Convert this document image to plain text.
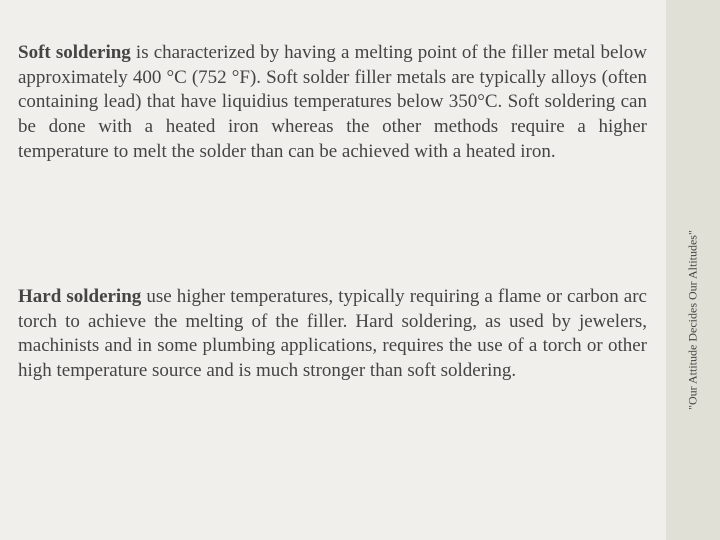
Soft soldering is characterized by having a melting point of the filler metal below approximately 400 °C (752 °F). Soft solder filler metals are typically alloys (often containing lead) that have liquidius temperatures below 350°C. Soft soldering can be done with a heated iron whereas the other methods require a higher temperature to melt the solder than can be achieved with a heated iron.

Hard soldering use higher temperatures, typically requiring a flame or carbon arc torch to achieve the melting of the filler. Hard soldering, as used by jewelers, machinists and in some plumbing applications, requires the use of a torch or other high temperature source and is much stronger than soft soldering.	"Our Attitude Decides Our Altitudes"
